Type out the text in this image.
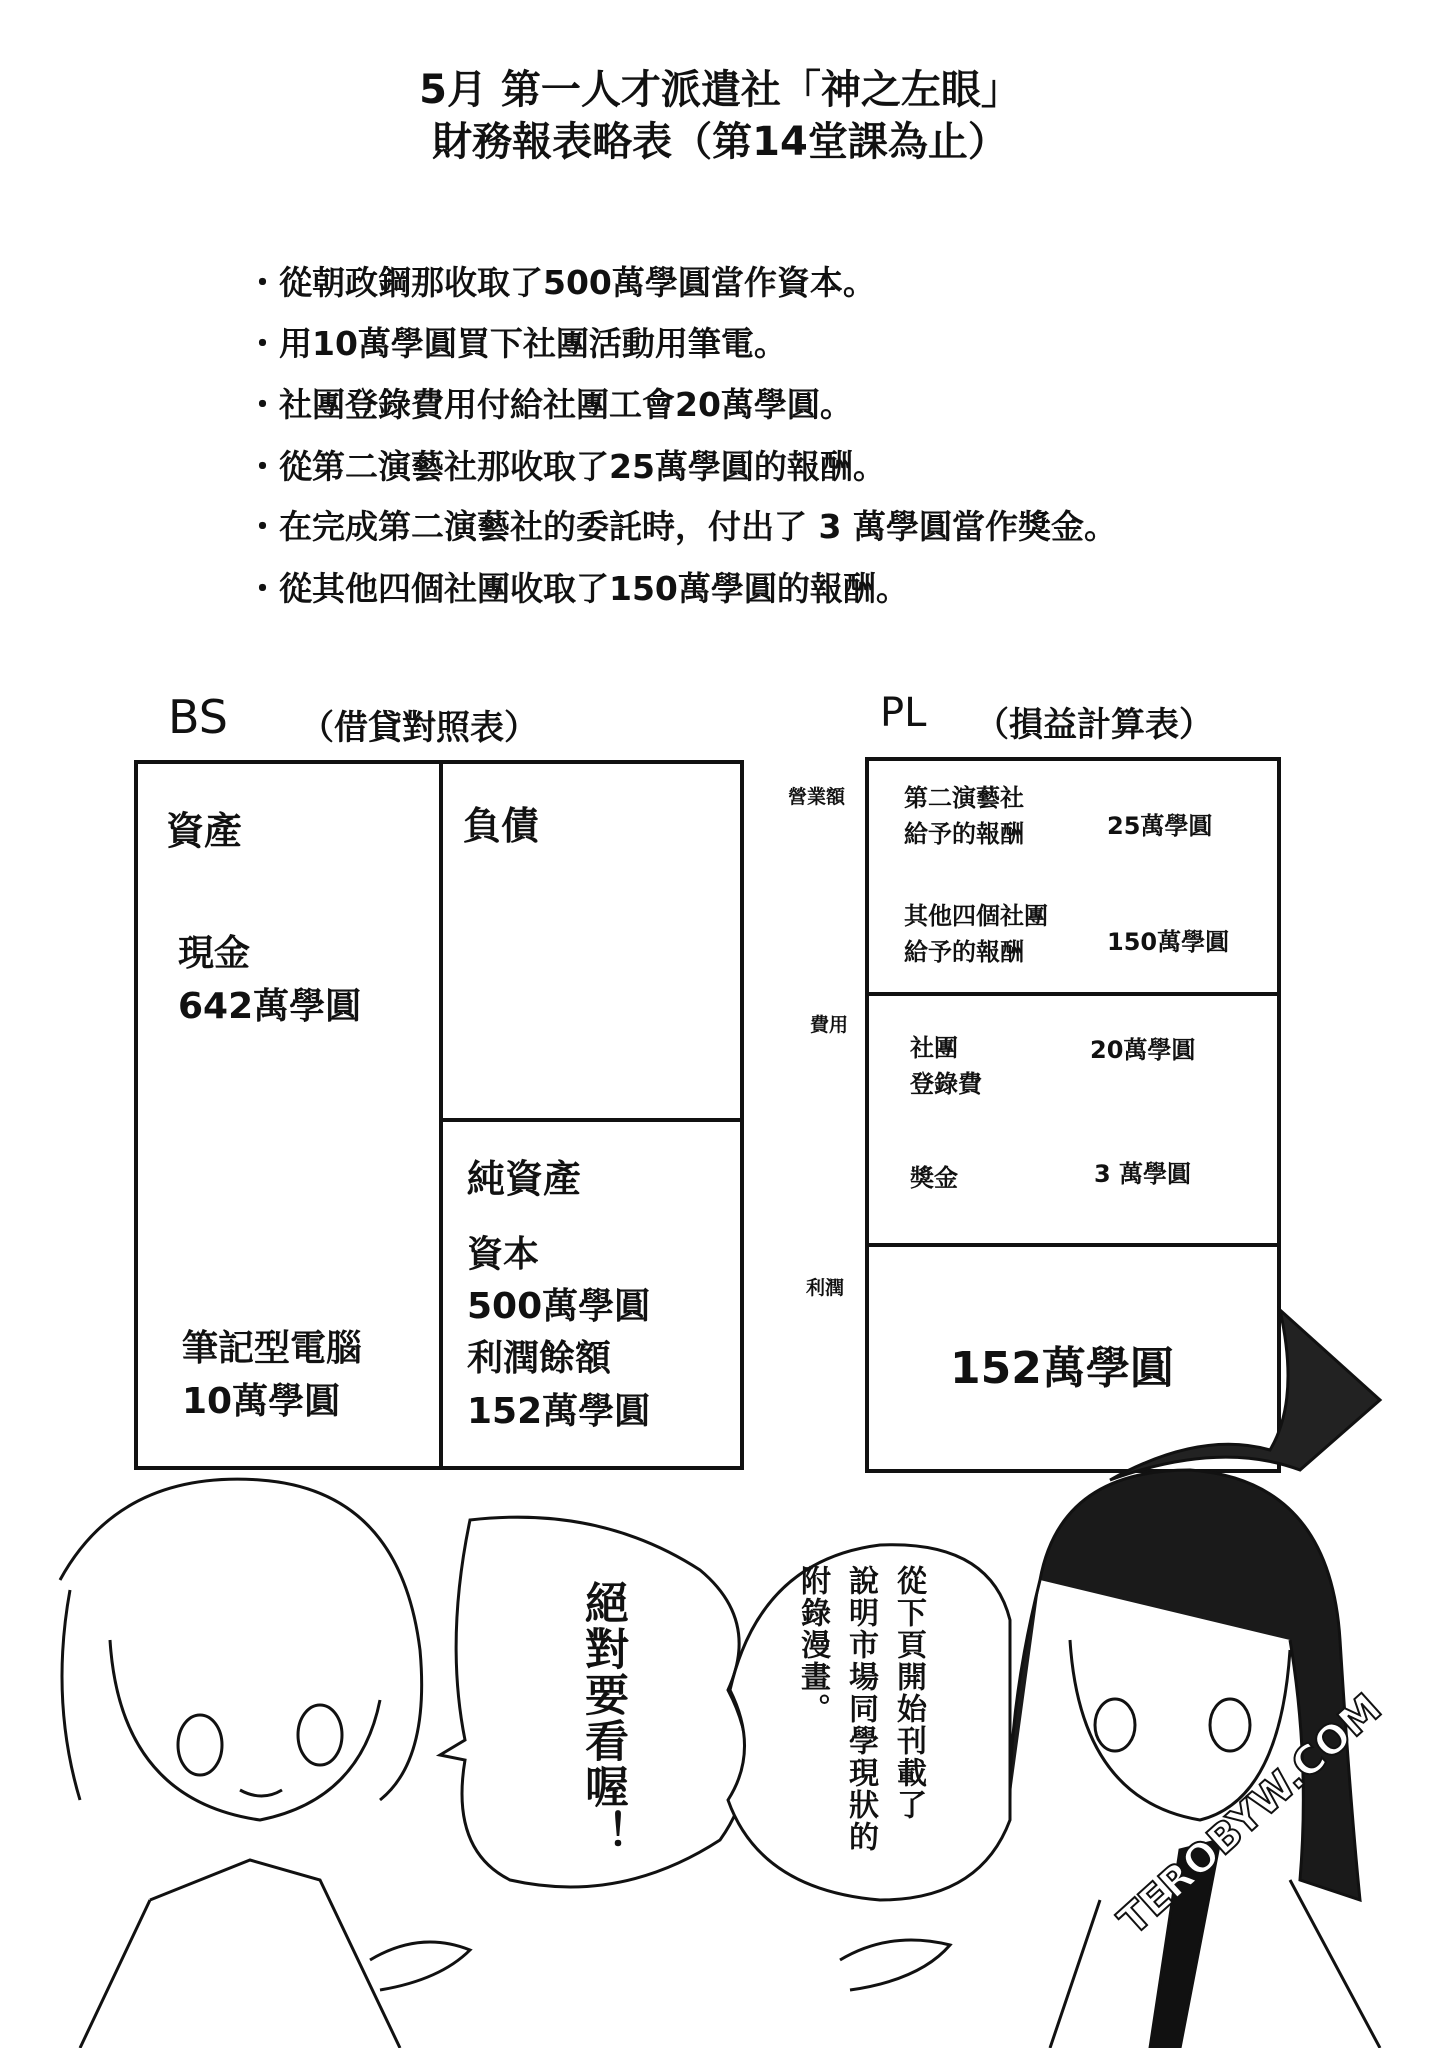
5月 第一人才派遣社「神之左眼」
財務報表略表（第14堂課為止）
・從朝政鋼那收取了500萬學圓當作資本。
・用10萬學圓買下社團活動用筆電。
・社團登錄費用付給社團工會20萬學圓。
・從第二演藝社那收取了25萬學圓的報酬。
・在完成第二演藝社的委託時，付出了 3 萬學圓當作獎金。
・從其他四個社團收取了150萬學圓的報酬。
BS （借貸對照表）
資產
現金
642萬學圓
筆記型電腦
10萬學圓
負債
純資產
資本
500萬學圓
利潤餘額
152萬學圓
PL （損益計算表）
營業額
費用
利潤
第二演藝社
給予的報酬	25萬學圓
其他四個社團
給予的報酬	150萬學圓
社團
登錄費
20萬學圓
獎金	3 萬學圓
152萬學圓
絕對要看喔！	從下頁開始刊載了
說明市場同學現狀的
附錄漫畫。
TEROBYW.COM
